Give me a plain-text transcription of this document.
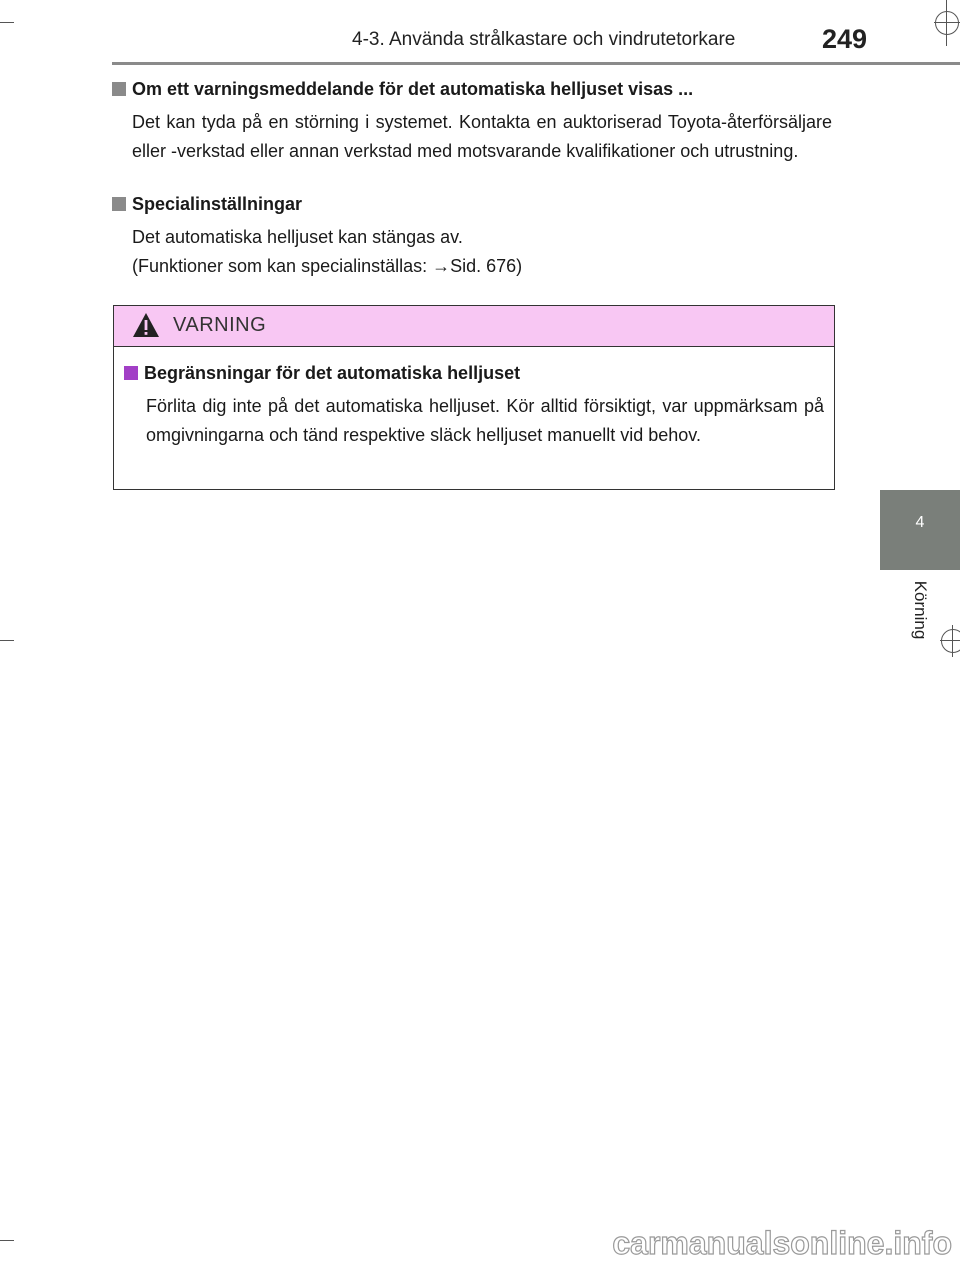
4-3. Använda strålkastare och vindrutetorkare	249
4
Körning
Om ett varningsmeddelande för det automatiska helljuset visas ...
Det kan tyda på en störning i systemet. Kontakta en auktoriserad Toyota-återförsäljare eller -verkstad eller annan verkstad med motsvarande kvalifikationer och utrustning.
Specialinställningar
Det automatiska helljuset kan stängas av.
(Funktioner som kan specialinställas: →Sid. 676)
VARNING
Begränsningar för det automatiska helljuset
Förlita dig inte på det automatiska helljuset. Kör alltid försiktigt, var uppmärksam på omgivningarna och tänd respektive släck helljuset manuellt vid behov.
carmanualsonline.info
